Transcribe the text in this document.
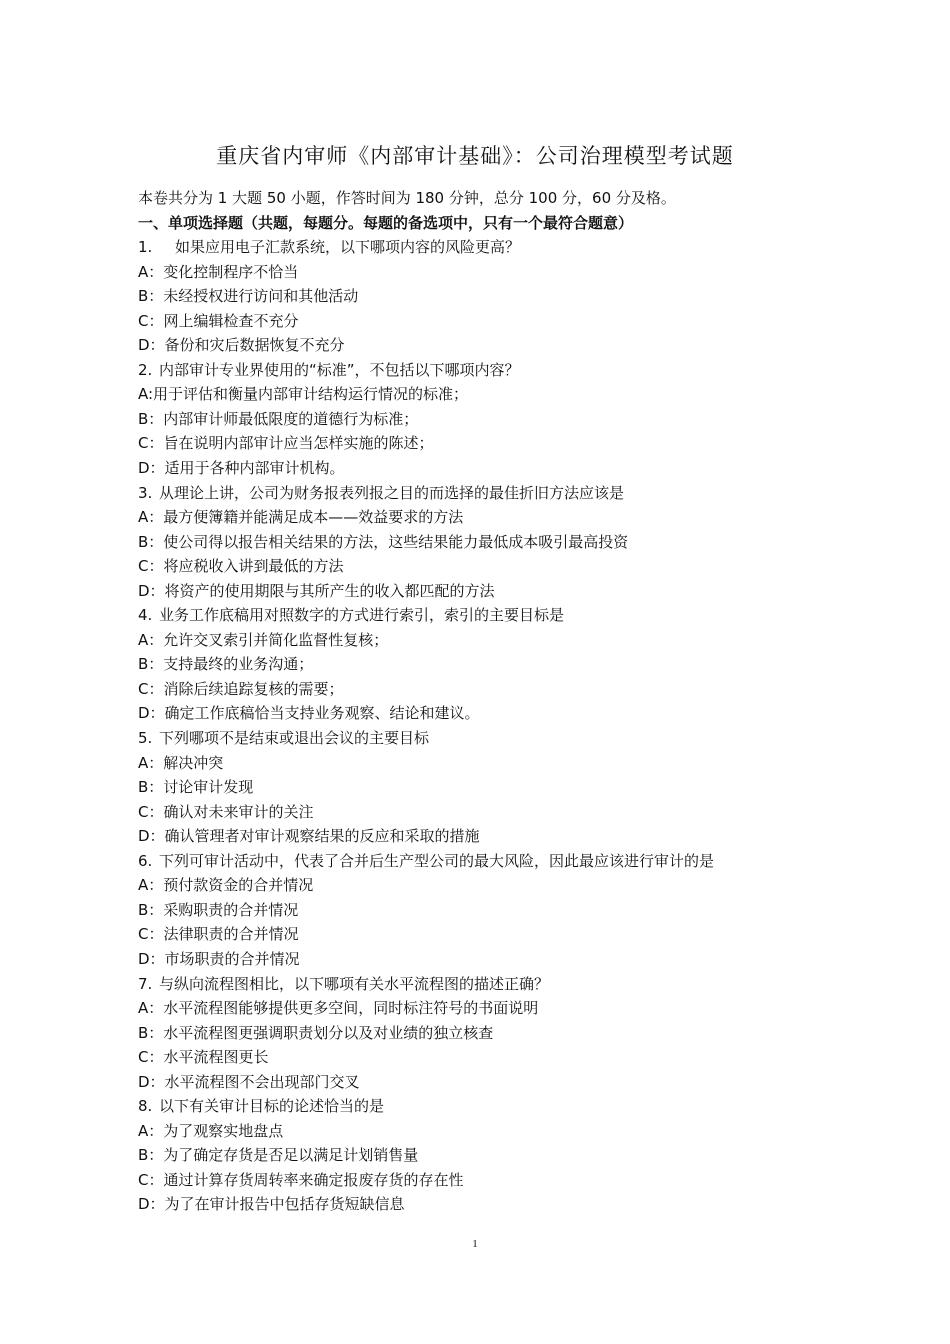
重庆省内审师《内部审计基础》：公司治理模型考试题
本卷共分为 1 大题 50 小题，作答时间为 180 分钟，总分 100 分，60 分及格。
一、单项选择题（共题，每题分。每题的备选项中，只有一个最符合题意）
1. 如果应用电子汇款系统，以下哪项内容的风险更高？
A：变化控制程序不恰当
B：未经授权进行访问和其他活动
C：网上编辑检查不充分
D：备份和灾后数据恢复不充分
2. 内部审计专业界使用的“标准”，不包括以下哪项内容？
A:用于评估和衡量内部审计结构运行情况的标准；
B：内部审计师最低限度的道德行为标准；
C：旨在说明内部审计应当怎样实施的陈述；
D：适用于各种内部审计机构。
3. 从理论上讲，公司为财务报表列报之目的而选择的最佳折旧方法应该是
A：最方便簿籍并能满足成本——效益要求的方法
B：使公司得以报告相关结果的方法，这些结果能力最低成本吸引最高投资
C：将应税收入讲到最低的方法
D：将资产的使用期限与其所产生的收入都匹配的方法
4. 业务工作底稿用对照数字的方式进行索引，索引的主要目标是
A：允许交叉索引并简化监督性复核；
B：支持最终的业务沟通；
C：消除后续追踪复核的需要；
D：确定工作底稿恰当支持业务观察、结论和建议。
5. 下列哪项不是结束或退出会议的主要目标
A：解决冲突
B：讨论审计发现
C：确认对未来审计的关注
D：确认管理者对审计观察结果的反应和采取的措施
6. 下列可审计活动中，代表了合并后生产型公司的最大风险，因此最应该进行审计的是
A：预付款资金的合并情况
B：采购职责的合并情况
C：法律职责的合并情况
D：市场职责的合并情况
7. 与纵向流程图相比，以下哪项有关水平流程图的描述正确？
A：水平流程图能够提供更多空间，同时标注符号的书面说明
B：水平流程图更强调职责划分以及对业绩的独立核查
C：水平流程图更长
D：水平流程图不会出现部门交叉
8. 以下有关审计目标的论述恰当的是
A：为了观察实地盘点
B：为了确定存货是否足以满足计划销售量
C：通过计算存货周转率来确定报废存货的存在性
D：为了在审计报告中包括存货短缺信息
1
